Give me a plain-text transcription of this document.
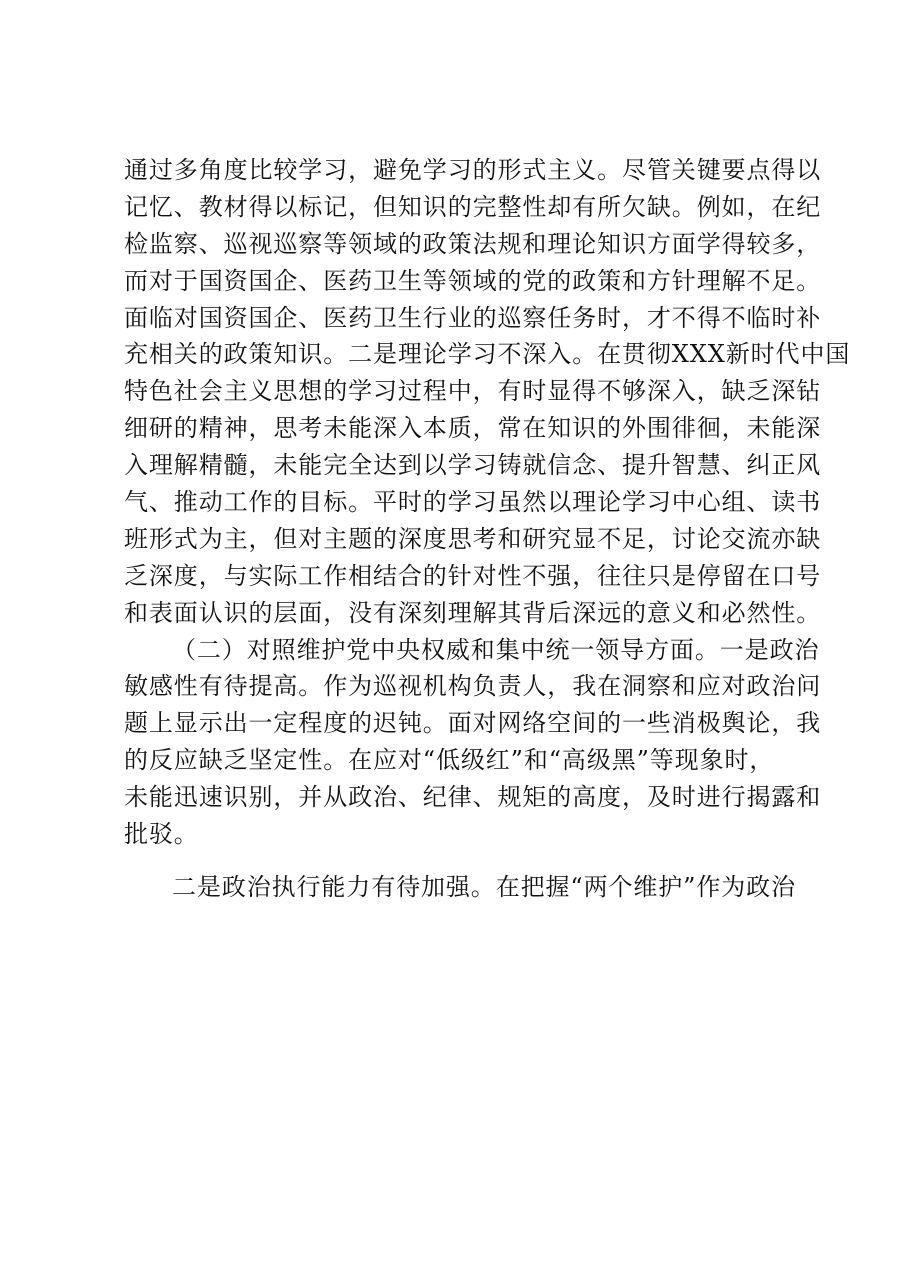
通过多角度比较学习，避免学习的形式主义。尽管关键要点得以
记忆、教材得以标记，但知识的完整性却有所欠缺。例如，在纪
检监察、巡视巡察等领域的政策法规和理论知识方面学得较多，
而对于国资国企、医药卫生等领域的党的政策和方针理解不足。
面临对国资国企、医药卫生行业的巡察任务时，才不得不临时补
充相关的政策知识。二是理论学习不深入。在贯彻XXX新时代中国
特色社会主义思想的学习过程中，有时显得不够深入，缺乏深钻
细研的精神，思考未能深入本质，常在知识的外围徘徊，未能深
入理解精髓，未能完全达到以学习铸就信念、提升智慧、纠正风
气、推动工作的目标。平时的学习虽然以理论学习中心组、读书
班形式为主，但对主题的深度思考和研究显不足，讨论交流亦缺
乏深度，与实际工作相结合的针对性不强，往往只是停留在口号
和表面认识的层面，没有深刻理解其背后深远的意义和必然性。
（二）对照维护党中央权威和集中统一领导方面。一是政治
敏感性有待提高。作为巡视机构负责人，我在洞察和应对政治问
题上显示出一定程度的迟钝。面对网络空间的一些消极舆论，我
的反应缺乏坚定性。在应对“低级红”和“高级黑”等现象时，
未能迅速识别，并从政治、纪律、规矩的高度，及时进行揭露和
批驳。
二是政治执行能力有待加强。在把握“两个维护”作为政治
